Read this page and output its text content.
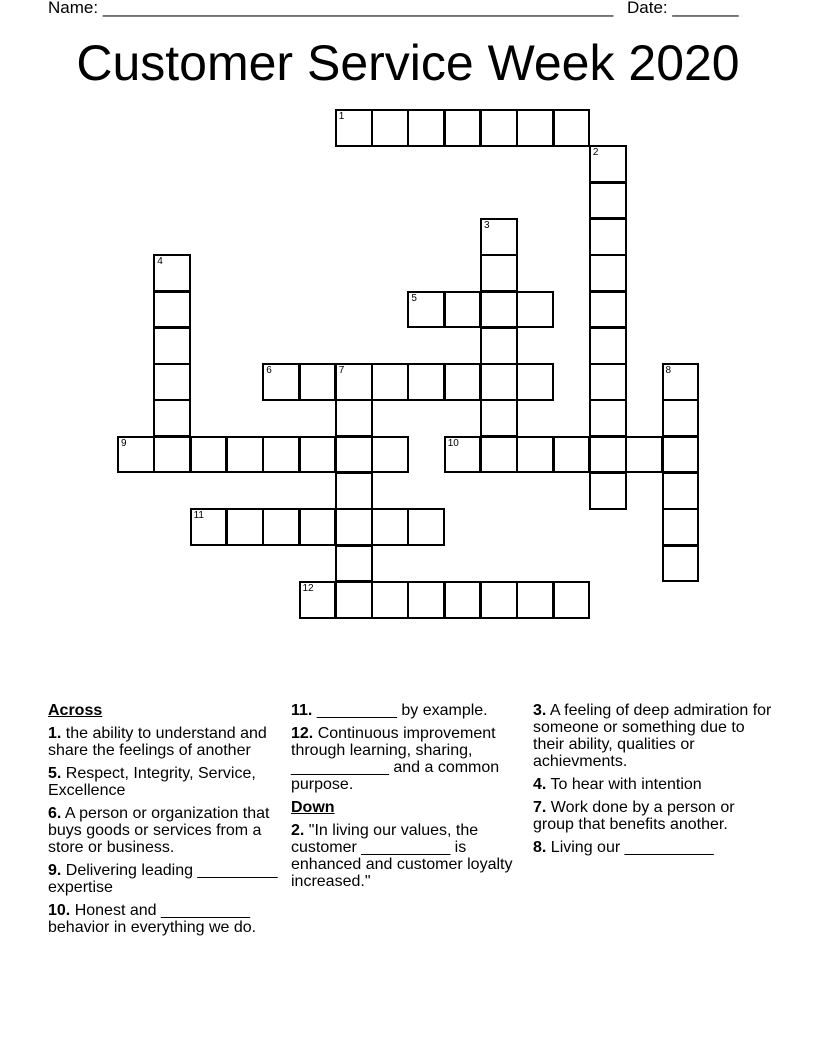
Name: ______________________________________________________ Date: _______
Customer Service Week 2020
1
2
3
4
5
6	7	8
9	10
11
12
Across
1. the ability to understand and share the feelings of another
5. Respect, Integrity, Service, Excellence
6. A person or organization that buys goods or services from a store or business.
9. Delivering leading _________ expertise
10. Honest and __________ behavior in everything we do.
11. _________ by example.
12. Continuous improvement through learning, sharing, ___________ and a common purpose.
Down
2. "In living our values, the customer __________ is enhanced and customer loyalty increased."
3. A feeling of deep admiration for someone or something due to their ability, qualities or achievments.
4. To hear with intention
7. Work done by a person or group that benefits another.
8. Living our __________
